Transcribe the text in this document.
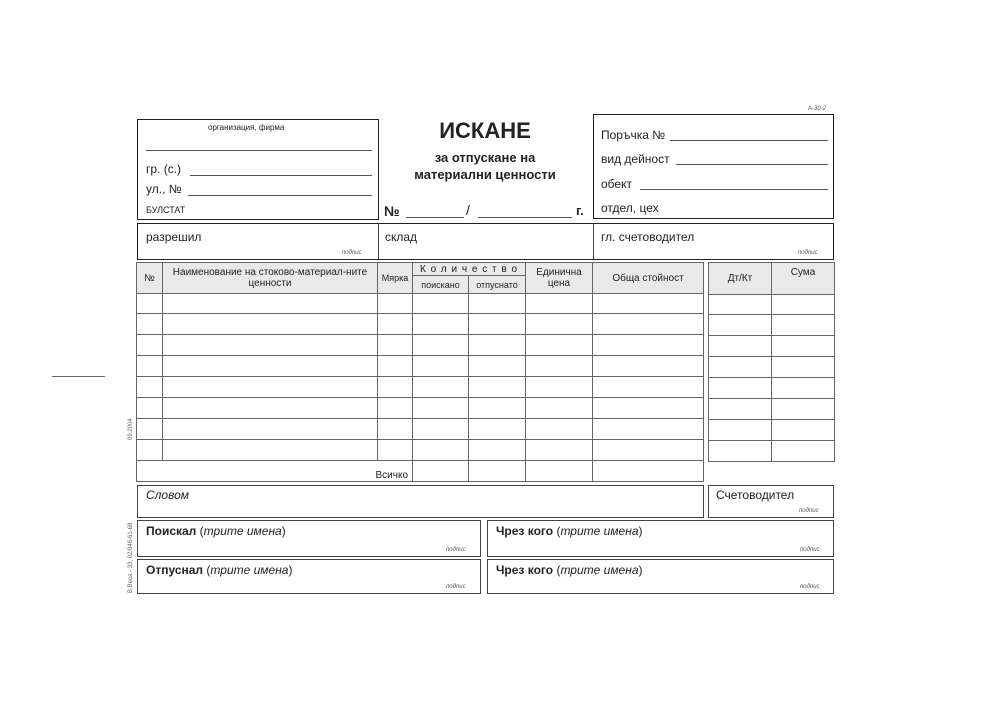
A-30-2
организация, фирма
гр. (с.)
ул., №
БУЛСТАТ
ИСКАНЕ
за отпускане на
материални ценности
№	/	г.
Поръчка №
вид дейност
обект
отдел, цех
разрешил
подпис
склад	гл. счетоводител
подпис
09.2004
В.Веса - 33, 02/846-61-68
№	Наименование на стоково-материал-ните ценности	Мярка	К о л и ч е с т в о		Единична цена	Обща стойност
			поискано	отпуснато		

Всичко						
Дт/Кт	Сума

Словом	Счетоводител
подпис
Поискал (трите имена)
подпис
Чрез кого (трите имена)
подпис
Отпуснал (трите имена)
подпис
Чрез кого (трите имена)
подпис
